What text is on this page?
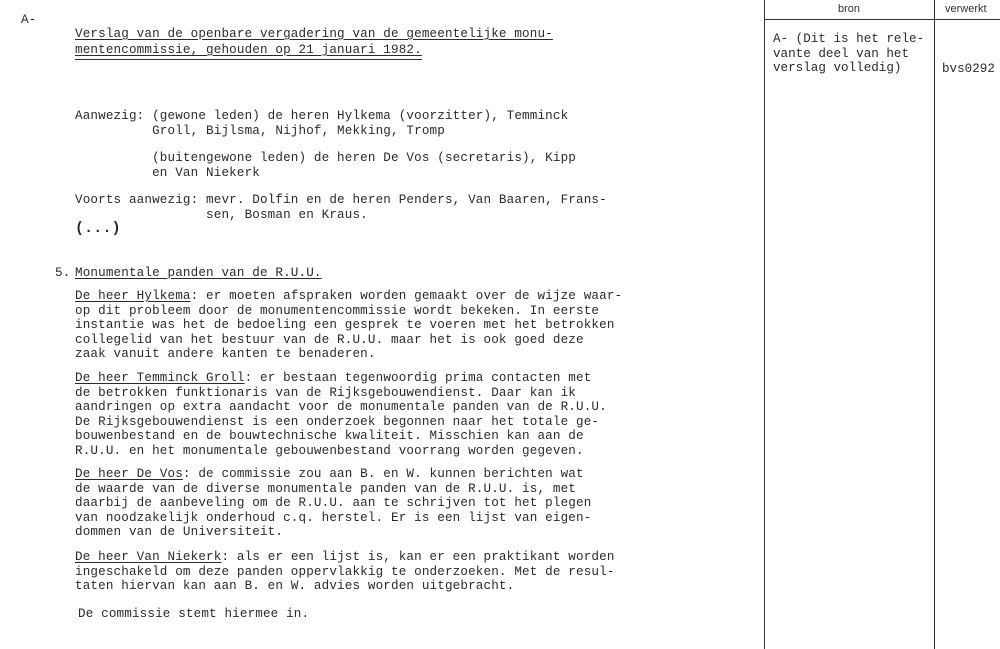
bron	verwerkt
A- (Dit is het rele-
vante deel van het
verslag volledig)	bvs0292
A-
Verslag van de openbare vergadering van de gemeentelijke monu-
mentencommissie, gehouden op 21 januari 1982.
Aanwezig: (gewone leden) de heren Hylkema (voorzitter), Temminck
Groll, Bijlsma, Nijhof, Mekking, Tromp
(buitengewone leden) de heren De Vos (secretaris), Kipp
en Van Niekerk
Voorts aanwezig: mevr. Dolfin en de heren Penders, Van Baaren, Frans-
sen, Bosman en Kraus.
(...)
5. Monumentale panden van de R.U.U.
De heer Hylkema: er moeten afspraken worden gemaakt over de wijze waar-
op dit probleem door de monumentencommissie wordt bekeken. In eerste
instantie was het de bedoeling een gesprek te voeren met het betrokken
collegelid van het bestuur van de R.U.U. maar het is ook goed deze
zaak vanuit andere kanten te benaderen.
De heer Temminck Groll: er bestaan tegenwoordig prima contacten met
de betrokken funktionaris van de Rijksgebouwendienst. Daar kan ik
aandringen op extra aandacht voor de monumentale panden van de R.U.U.
De Rijksgebouwendienst is een onderzoek begonnen naar het totale ge-
bouwenbestand en de bouwtechnische kwaliteit. Misschien kan aan de
R.U.U. en het monumentale gebouwenbestand voorrang worden gegeven.
De heer De Vos: de commissie zou aan B. en W. kunnen berichten wat
de waarde van de diverse monumentale panden van de R.U.U. is, met
daarbij de aanbeveling om de R.U.U. aan te schrijven tot het plegen
van noodzakelijk onderhoud c.q. herstel. Er is een lijst van eigen-
dommen van de Universiteit.
De heer Van Niekerk: als er een lijst is, kan er een praktikant worden
ingeschakeld om deze panden oppervlakkig te onderzoeken. Met de resul-
taten hiervan kan aan B. en W. advies worden uitgebracht.
De commissie stemt hiermee in.
